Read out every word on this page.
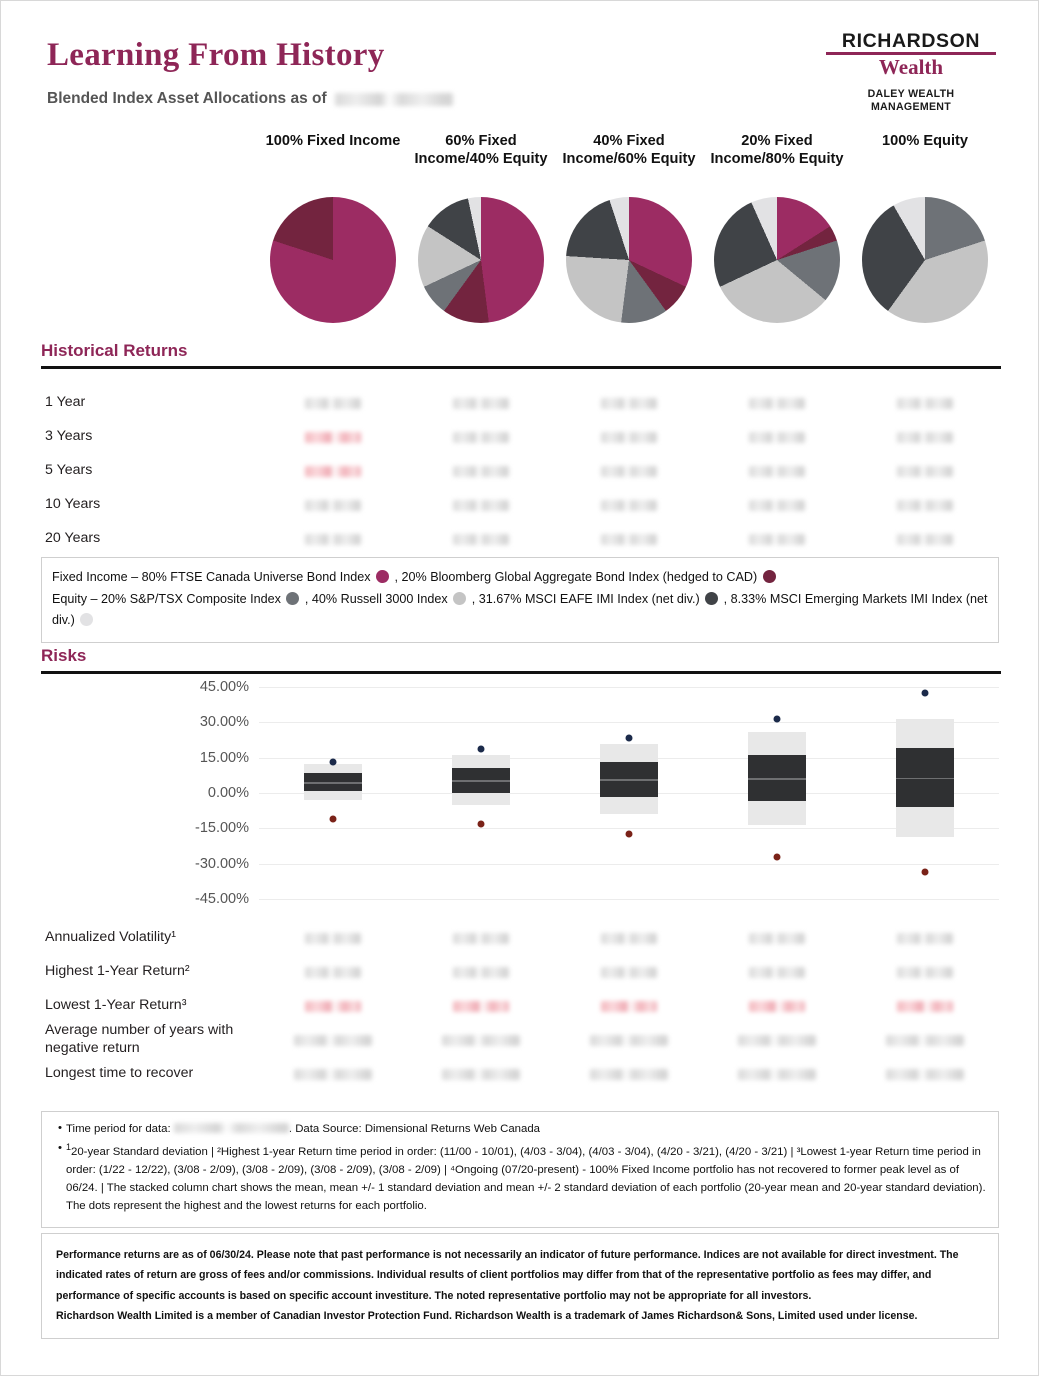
Learning From History
Blended Index Asset Allocations as of
RICHARDSON
Wealth
DALEY WEALTH
MANAGEMENT
100% Fixed Income	60% Fixed Income/40% Equity
40% Fixed Income/60% Equity
20% Fixed Income/80% Equity
100% Equity
Historical Returns
1 Year
3 Years
5 Years
10 Years
20 Years
Fixed Income – 80% FTSE Canada Universe Bond Index , 20% Bloomberg Global Aggregate Bond Index (hedged to CAD)
Equity – 20% S&P/TSX Composite Index , 40% Russell 3000 Index , 31.67% MSCI EAFE IMI Index (net div.) , 8.33% MSCI Emerging Markets IMI Index (net div.)
Risks
45.00%
30.00%
15.00%
0.00%
-15.00%
-30.00%
-45.00%
Annualized Volatility¹
Highest 1-Year Return²
Lowest 1-Year Return³
Average number of years with negative return
Longest time to recover
• Time period for data:	. Data Source: Dimensional Returns Web Canada
• $^1$20-year Standard deviation | ²Highest 1-year Return time period in order: (11/00 - 10/01), (4/03 - 3/04), (4/03 - 3/04), (4/20 - 3/21), (4/20 - 3/21) | ³Lowest 1-year Return time period in order: (1/22 - 12/22), (3/08 - 2/09), (3/08 - 2/09), (3/08 - 2/09), (3/08 - 2/09) | ⁴Ongoing (07/20-present) - 100% Fixed Income portfolio has not recovered to former peak level as of 06/24. | The stacked column chart shows the mean, mean +/- 1 standard deviation and mean +/- 2 standard deviation of each portfolio (20-year mean and 20-year standard deviation). The dots represent the highest and the lowest returns for each portfolio.

Performance returns are as of 06/30/24. Please note that past performance is not necessarily an indicator of future performance. Indices are not available for direct investment. The indicated rates of return are gross of fees and/or commissions. Individual results of client portfolios may differ from that of the representative portfolio as fees may differ, and performance of specific accounts is based on specific account investiture. The noted representative portfolio may not be appropriate for all investors.

Richardson Wealth Limited is a member of Canadian Investor Protection Fund. Richardson Wealth is a trademark of James Richardson& Sons, Limited used under license.
